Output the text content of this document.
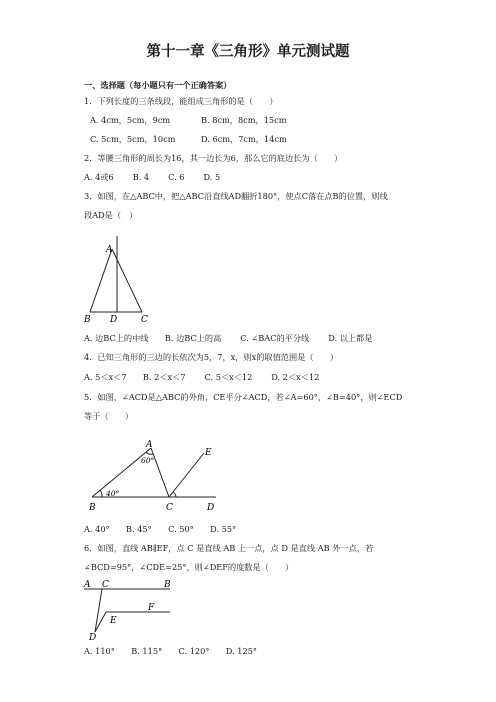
第十一章《三角形》单元测试题
一、选择题（每小题只有一个正确答案）
1．下列长度的三条线段，能组成三角形的是（　　）
A. 4cm，5cm，9cm	B. 8cm，8cm，15cm
C. 5cm，5cm，10cm	D. 6cm，7cm，14cm
2．等腰三角形的周长为16，其一边长为6，那么它的底边长为（　　）
A. 4或6　　 B. 4　　 C. 6　　 D. 5
3．如图，在△ABC中，把△ABC沿直线AD翻折180°，使点C落在点B的位置，则线
段AD是（　）
A
B D	C
A. 边BC上的中线　　B. 边BC上的高　　 C. ∠BAC的平分线　　 D. 以上都是
4．已知三角形的三边的长依次为5，7，x，则x的取值范围是（　　）
A. 5＜x＜7　　B. 2＜x＜7　　 C. 5＜x＜12　　 D. 2＜x＜12
5．如图，∠ACD是△ABC的外角，CE平分∠ACD，若∠A=60°，∠B=40°，则∠ECD
等于（　　）
A
B	C	D
E
60°
40°
A. 40°　　B. 45°　　C. 50°　　D. 55°
6．如图，直线 AB∥EF，点 C 是直线 AB 上一点，点 D 是直线 AB 外一点，若
∠BCD=95°，∠CDE=25°，则∠DEF的度数是（　　）
A C	B
E
F
D
A. 110°　　B. 115°　　C. 120°　　D. 125°
